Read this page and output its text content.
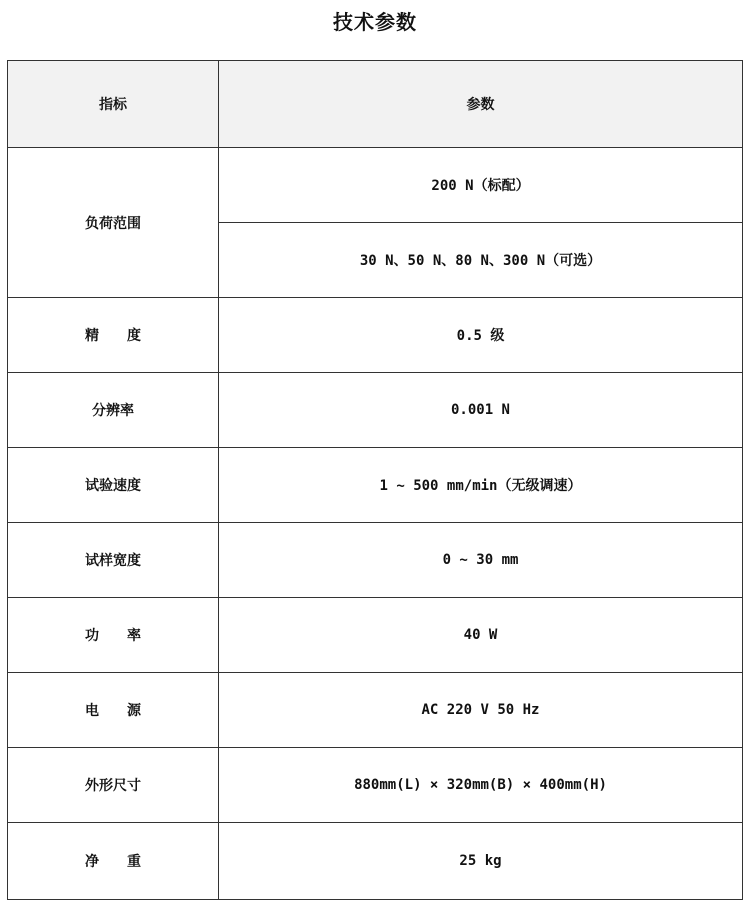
技术参数
指标	参数
负荷范围	200 N（标配）
	30 N、50 N、80 N、300 N（可选）
精　　度	0.5 级
分辨率	0.001 N
试验速度	1 ~ 500 mm/min（无级调速）
试样宽度	0 ~ 30 mm
功　　率	40 W
电　　源	AC 220 V 50 Hz
外形尺寸	880mm(L) × 320mm(B) × 400mm(H)
净　　重	25 kg
